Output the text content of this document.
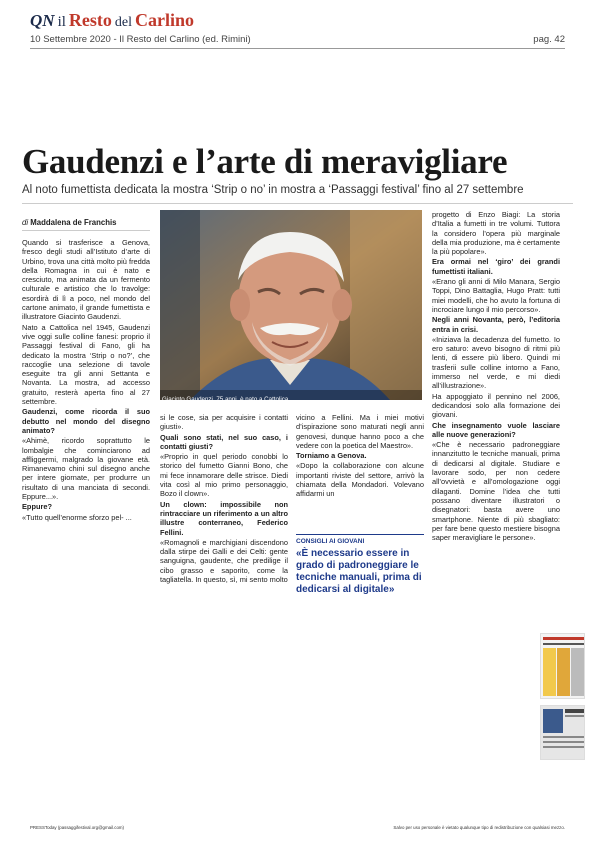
QN il Resto del Carlino
10 Settembre 2020 - Il Resto del Carlino (ed. Rimini)	pag. 42
Gaudenzi e l’arte di meravigliare
Al noto fumettista dedicata la mostra ‘Strip o no’ in mostra a ‘Passaggi festival’ fino al 27 settembre
di Maddalena de Franchis

Quando si trasferisce a Genova, fresco degli studi all’Istituto d’arte di Urbino, trova una città molto più fredda della Romagna in cui è nato e cresciuto, ma animata da un fermento culturale e artistico che lo travolge: esordirà di lì a poco, nel mondo del cartone animato, il grande fumettista e illustratore Giacinto Gaudenzi.

Nato a Cattolica nel 1945, Gaudenzi vive oggi sulle colline fanesi: proprio il Passaggi festival di Fano, gli ha dedicato la mostra ‘Strip o no?’, che raccoglie una selezione di tavole eseguite tra gli anni Settanta e Novanta. La mostra, ad accesso gratuito, resterà aperta fino al 27 settembre.

Gaudenzi, come ricorda il suo debutto nel mondo del disegno animato?

«Ahimè, ricordo soprattutto le lombalgie che cominciarono ad affliggermi, malgrado la giovane età. Rimanevamo chini sul disegno anche per intere giornate, per produrre un risultato di una manciata di secondi. Eppure...».

Eppure?

«Tutto quell’enorme sforzo pel- ...

Giacinto Gaudenzi, 75 anni, è nato a Cattolica

si le cose, sia per acquisire i contatti giusti».

Quali sono stati, nel suo caso, i contatti giusti?

«Proprio in quel periodo conobbi lo storico del fumetto Gianni Bono, che mi fece innamorare delle strisce. Diedi vita così al mio primo personaggio, Bozo il clown».

Un clown: impossibile non rintracciare un riferimento a un altro illustre conterraneo, Federico Fellini.

«Romagnoli e marchigiani discendono dalla stirpe dei Galli e dei Celti: gente sanguigna, gaudente, che predilige il cibo grasso e saporito, come la tagliatella. In questo, sì, mi sento molto

vicino a Fellini. Ma i miei motivi d’ispirazione sono maturati negli anni genovesi, dunque hanno poco a che vedere con la poetica del Maestro».

Torniamo a Genova.

«Dopo la collaborazione con alcune importanti riviste del settore, arrivò la chiamata della Mondadori. Volevano affidarmi un

CONSIGLI AI GIOVANI
«È necessario essere in grado di padroneggiare le tecniche manuali, prima di dedicarsi al digitale»

progetto di Enzo Biagi: La storia d’Italia a fumetti in tre volumi. Tuttora la considero l’opera più marginale della mia produzione, ma è certamente la più popolare».

Era ormai nel ‘giro’ dei grandi fumettisti italiani.

«Erano gli anni di Milo Manara, Sergio Toppi, Dino Battaglia, Hugo Pratt: tutti miei modelli, che ho avuto la fortuna di incrociare lungo il mio percorso».

Negli anni Novanta, però, l’editoria entra in crisi.

«Iniziava la decadenza del fumetto. Io ero saturo: avevo bisogno di ritmi più lenti, di essere più libero. Quindi mi trasferii sulle colline intorno a Fano, immerso nel verde, e mi diedi all’illustrazione».

Ha appoggiato il pennino nel 2006, dedicandosi solo alla formazione dei giovani.

Che insegnamento vuole lasciare alle nuove generazioni?

«Che è necessario padroneggiare innanzitutto le tecniche manuali, prima di dedicarsi al digitale. Studiare e lavorare sodo, per non cedere all’ovvietà e all’omologazione oggi dilaganti. Domine l’idea che tutti possano diventare illustratori o disegnatori: basta avere uno smartphone. Niente di più sbagliato: per fare bene questo mestiere bisogna saper meravigliare le persone».

PRESSToday (passaggifestival.org@gmail.com)	Salvo per uso personale è vietato qualunque tipo di redistribuzione con qualsiasi mezzo.
